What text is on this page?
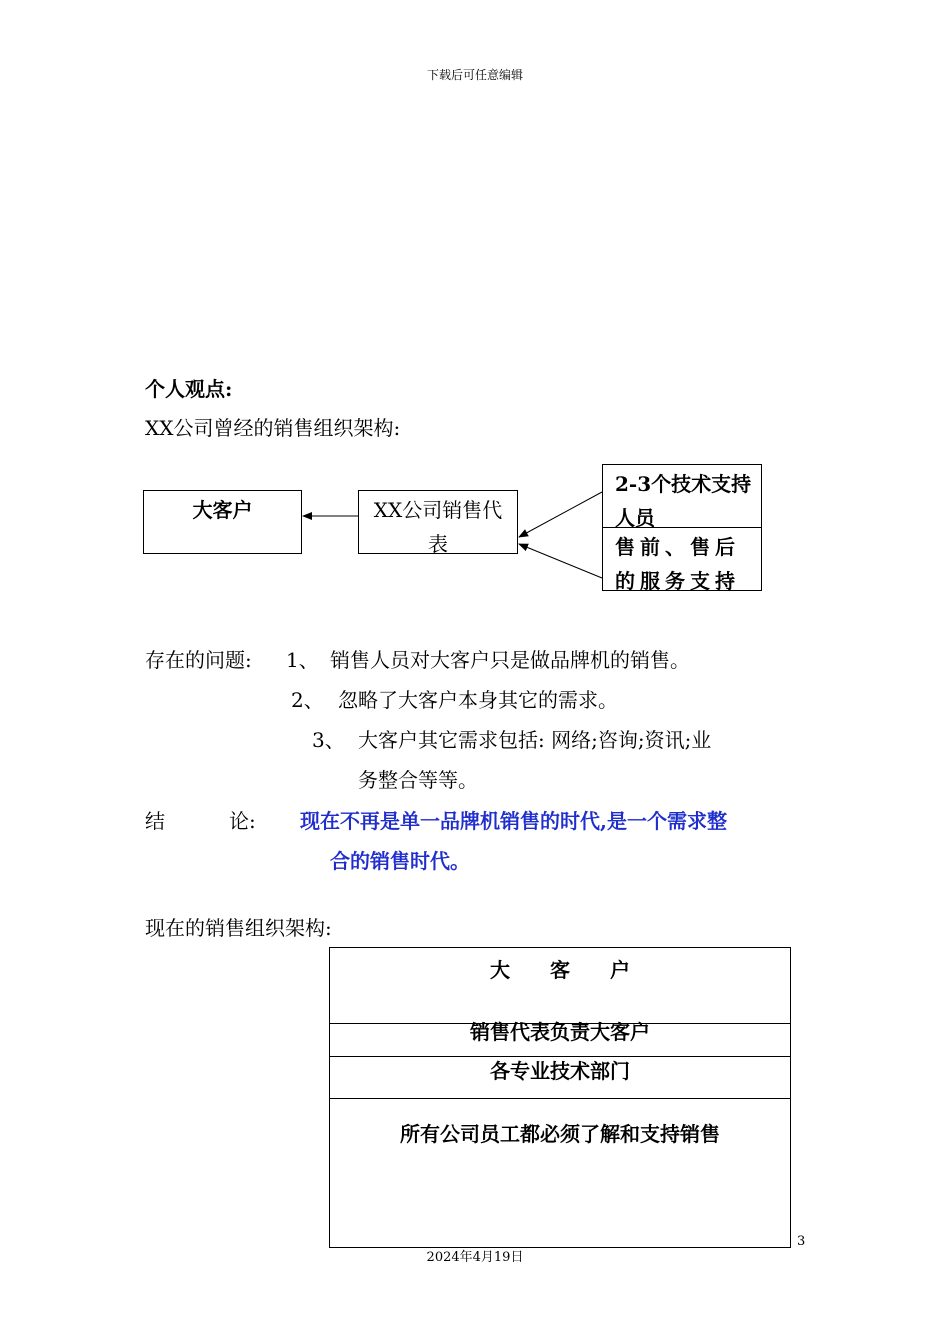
下载后可任意编辑
个人观点:
XX公司曾经的销售组织架构:
大客户	XX公司销售代表
2-3个技术支持人员
售前、售后的服务支持
存在的问题: 1、 销售人员对大客户只是做品牌机的销售。
2、 忽略了大客户本身其它的需求。
3、 大客户其它需求包括: 网络;咨询;资讯;业
务整合等等。
结	论: 现在不再是单一品牌机销售的时代,是一个需求整
合的销售时代。
现在的销售组织架构:
大　　客　　户
销售代表负责大客户
各专业技术部门
所有公司员工都必须了解和支持销售
3
2024年4月19日
